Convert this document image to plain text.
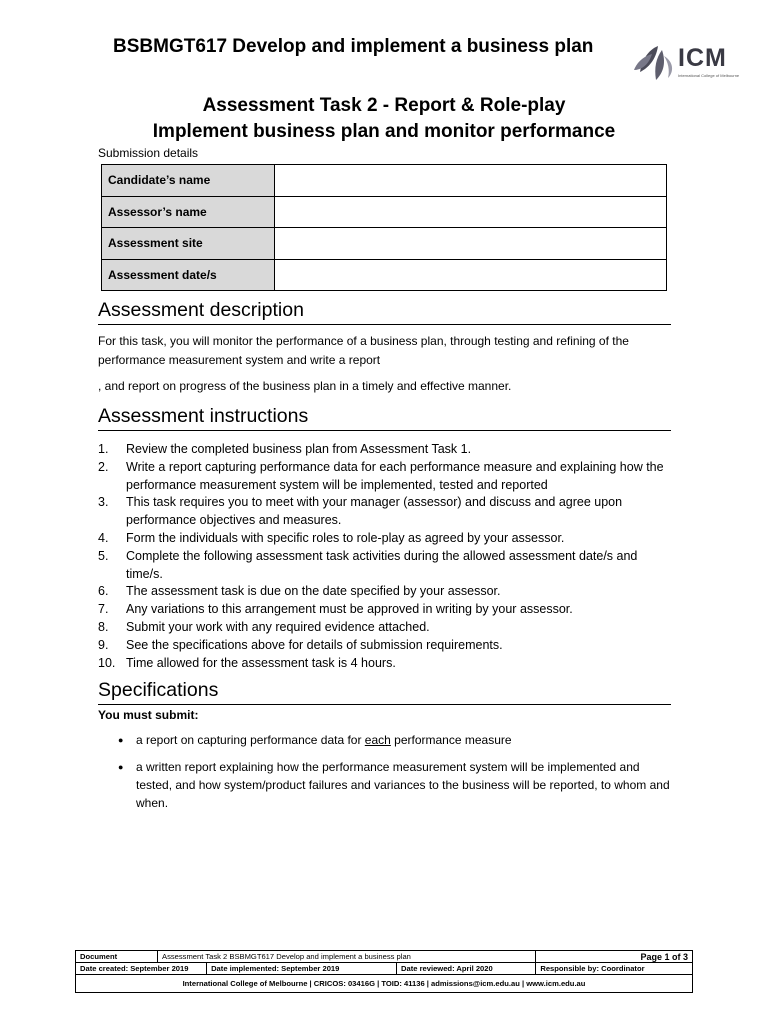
BSBMGT617 Develop and implement a business plan	ICM
International College of Melbourne
Assessment Task 2 - Report & Role-play
Implement business plan and monitor performance
Submission details
Candidate’s name	
Assessor’s name	
Assessment site	
Assessment date/s	
Assessment description
For this task, you will monitor the performance of a business plan, through testing and refining of the performance measurement system and write a report
, and report on progress of the business plan in a timely and effective manner.
Assessment instructions
1.	Review the completed business plan from Assessment Task 1.
2.	Write a report capturing performance data for each performance measure and explaining how the performance measurement system will be implemented, tested and reported
3.	This task requires you to meet with your manager (assessor) and discuss and agree upon performance objectives and measures.
4.	Form the individuals with specific roles to role-play as agreed by your assessor.
5.	Complete the following assessment task activities during the allowed assessment date/s and time/s.
6.	The assessment task is due on the date specified by your assessor.
7.	Any variations to this arrangement must be approved in writing by your assessor.
8.	Submit your work with any required evidence attached.
9.	See the specifications above for details of submission requirements.
10. Time allowed for the assessment task is 4 hours.
Specifications
You must submit:
●	a report on capturing performance data for each performance measure
●	a written report explaining how the performance measurement system will be implemented and tested, and how system/product failures and variances to the business will be reported, to whom and when.
Document	Assessment Task 2 BSBMGT617 Develop and implement a business plan			Page 1 of 3
Date created: September 2019		Date implemented: September 2019	Date reviewed: April 2020	Responsible by: Coordinator
International College of Melbourne | CRICOS: 03416G | TOID: 41136 | admissions@icm.edu.au | www.icm.edu.au				
